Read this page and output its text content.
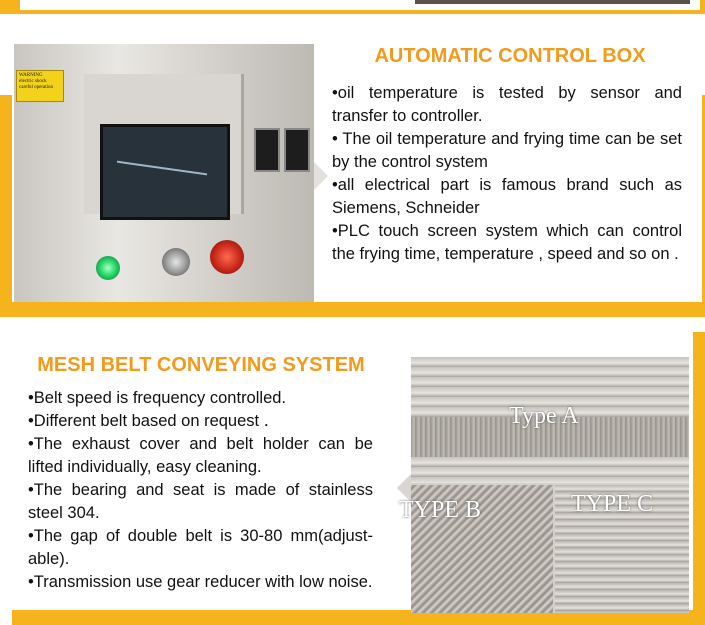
WARNING
electric shock
careful operation
AUTOMATIC CONTROL BOX

•oil temperature is tested by sensor and transfer to controller.

• The oil temperature and frying time can be set by the control system

•all electrical part is famous brand such as Siemens, Schneider

•PLC touch screen system which can control the frying time, temperature , speed and so on .

MESH BELT CONVEYING SYSTEM

•Belt speed is frequency controlled.

•Different belt based on request ．

•The exhaust cover and belt holder can be lifted individually, easy cleaning.

•The bearing and seat is made of stainless steel 304.

•The gap of double belt is 30-80 mm(adjust-able).

•Transmission use gear reducer with low noise.

Type A
TYPE B	TYPE C
